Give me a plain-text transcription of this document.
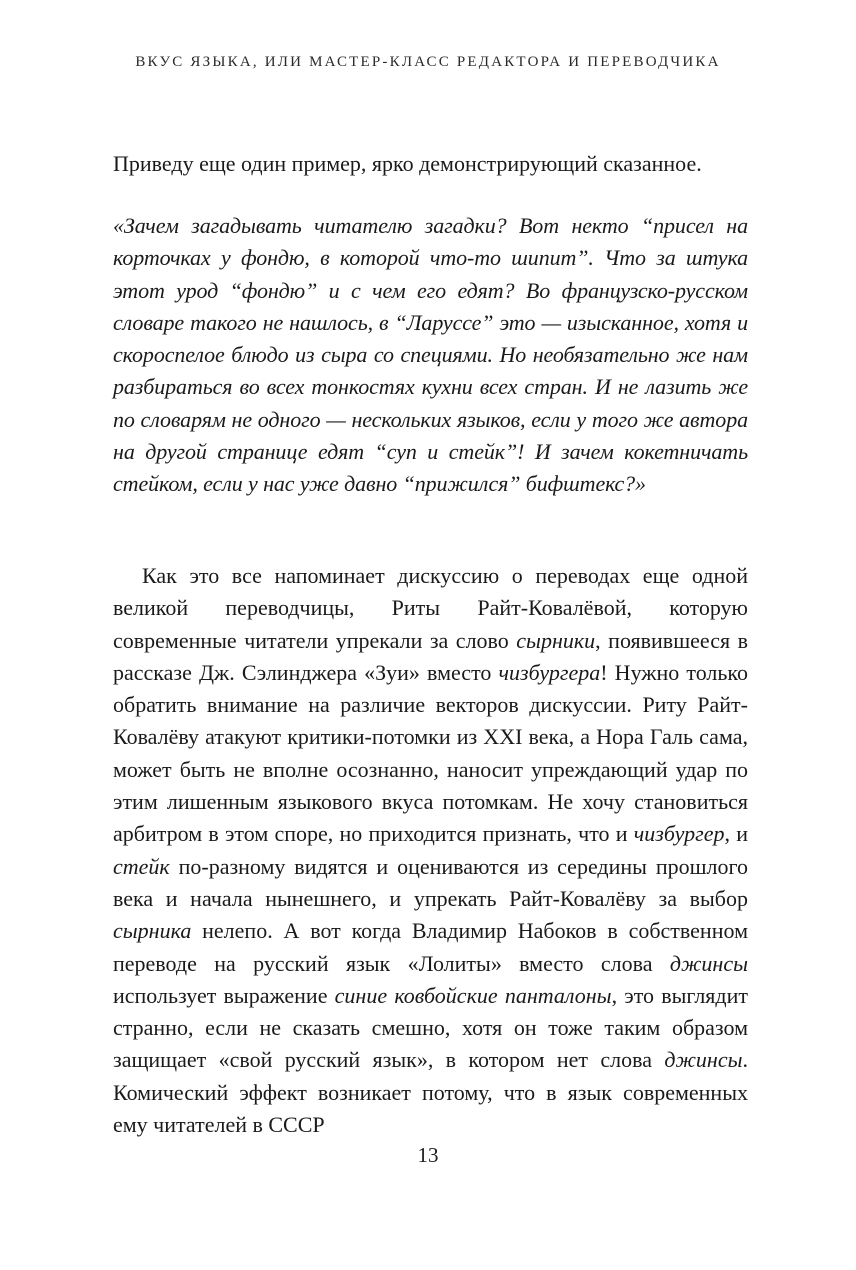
ВКУС ЯЗЫКА, ИЛИ МАСТЕР-КЛАСС РЕДАКТОРА И ПЕРЕВОДЧИКА

Приведу еще один пример, ярко демонстрирующий сказанное.

«Зачем загадывать читателю загадки? Вот некто “присел на корточках у фондю, в которой что-то шипит”. Что за штука этот урод “фондю” и с чем его едят? Во французско-русском словаре такого не нашлось, в “Ларуссе” это — изысканное, хотя и скороспелое блюдо из сыра со специями. Но необязательно же нам разбираться во всех тонкостях кухни всех стран. И не лазить же по словарям не одного — нескольких языков, если у того же автора на другой странице едят “суп и стейк”! И зачем кокетничать стейком, если у нас уже давно “прижился” бифштекс?»

Как это все напоминает дискуссию о переводах еще одной великой переводчицы, Риты Райт-Ковалёвой, которую современные читатели упрекали за слово сырники, появившееся в рассказе Дж. Сэлинджера «Зуи» вместо чизбургера! Нужно только обратить внимание на различие векторов дискуссии. Риту Райт-Ковалёву атакуют критики-потомки из XXI века, а Нора Галь сама, может быть не вполне осознанно, наносит упреждающий удар по этим лишенным языкового вкуса потомкам. Не хочу становиться арбитром в этом споре, но приходится признать, что и чизбургер, и стейк по-разному видятся и оцениваются из середины прошлого века и начала нынешнего, и упрекать Райт-Ковалёву за выбор сырника нелепо. А вот когда Владимир Набоков в собственном переводе на русский язык «Лолиты» вместо слова джинсы использует выражение синие ковбойские панталоны, это выглядит странно, если не сказать смешно, хотя он тоже таким образом защищает «свой русский язык», в котором нет слова джинсы. Комический эффект возникает потому, что в язык современных ему читателей в СССР

13
